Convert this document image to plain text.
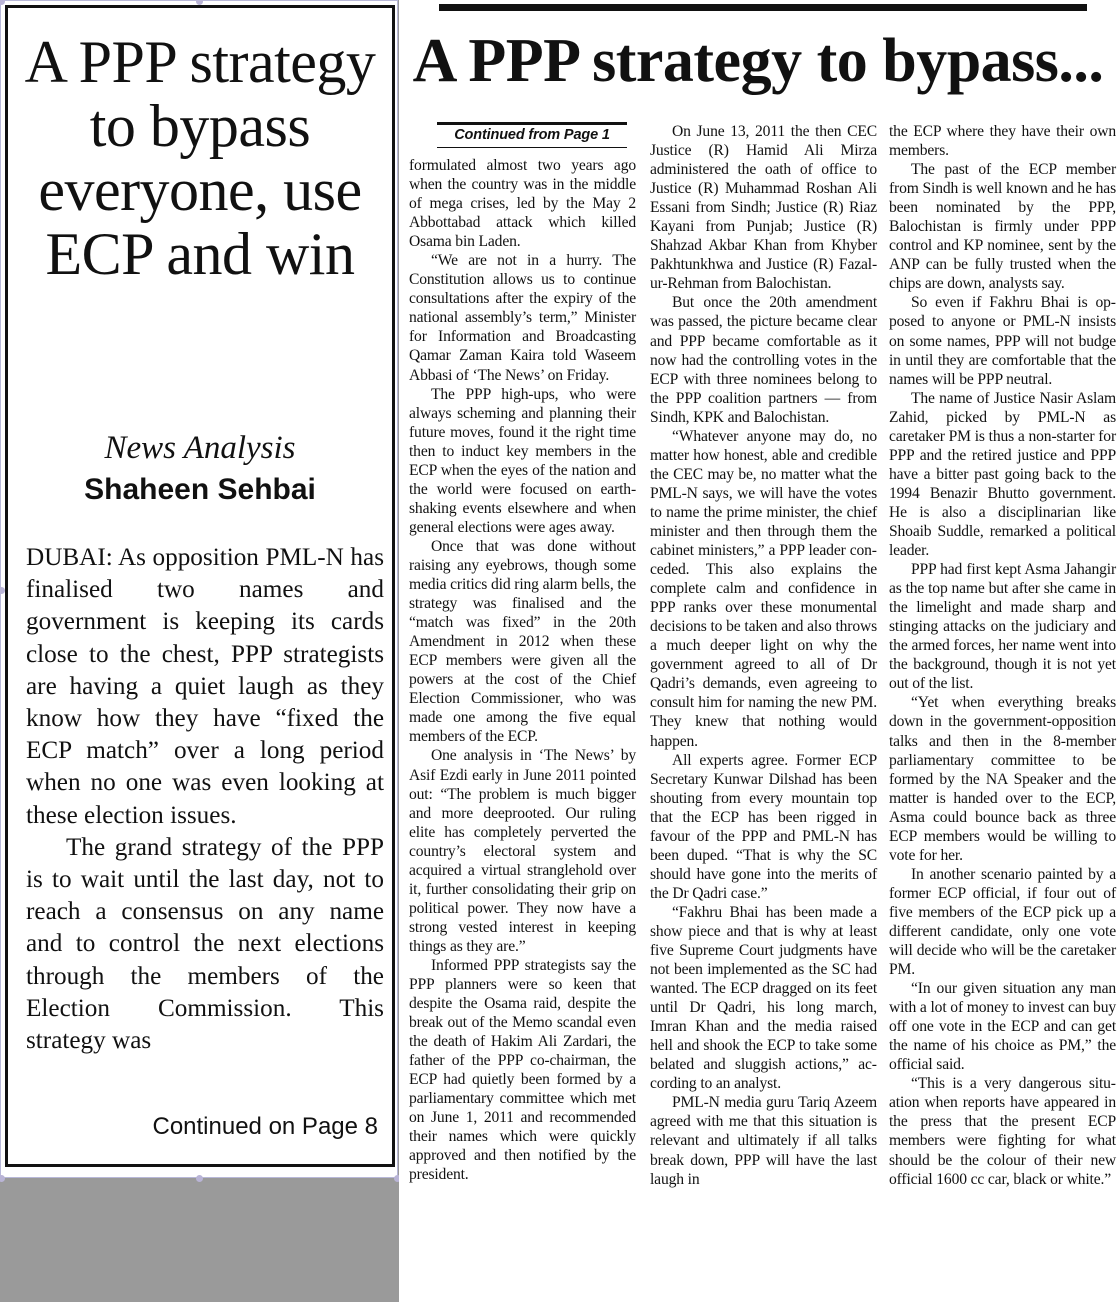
A PPP strategy to bypass everyone, use ECP and win
News Analysis
Shaheen Sehbai

DUBAI: As opposition PML-N has finalised two names and government is keeping its cards close to the chest, PPP strategists are having a quiet laugh as they know how they have “fixed the ECP match” over a long period when no one was even looking at these election issues.

The grand strategy of the PPP is to wait until the last day, not to reach a consensus on any name and to control the next elections through the members of the Election Commission. This strategy was

Continued on Page 8
A PPP strategy to bypass...
Continued from Page 1

formulated almost two years ago when the country was in the middle of mega crises, led by the May 2 Abbottabad attack which killed Osama bin Laden.

“We are not in a hurry. The Constitution allows us to continue consultations after the expiry of the national assembly’s term,” Minister for Information and Broadcasting Qamar Zaman Kaira told Waseem Abbasi of ‘The News’ on Friday.

The PPP high-ups, who were always scheming and planning their future moves, found it the right time then to induct key members in the ECP when the eyes of the nation and the world were focused on earth-shaking events elsewhere and when general elections were ages away.

Once that was done without raising any eyebrows, though some media critics did ring alarm bells, the strategy was finalised and the “match was fixed” in the 20th Amendment in 2012 when these ECP members were given all the powers at the cost of the Chief Election Commissioner, who was made one among the five equal members of the ECP.

One analysis in ‘The News’ by Asif Ezdi early in June 2011 pointed out: “The problem is much bigger and more deeprooted. Our ruling elite has completely perverted the country’s electoral system and acquired a virtual stranglehold over it, further consolidating their grip on political power. They now have a strong vested interest in keeping things as they are.”

Informed PPP strategists say the PPP planners were so keen that despite the Osama raid, despite the break out of the Memo scandal even the death of Hakim Ali Zardari, the father of the PPP co-chairman, the ECP had quietly been formed by a parliamentary committee which met on June 1, 2011 and recommended their names which were quickly approved and then notified by the president.

On June 13, 2011 the then CEC Justice (R) Hamid Ali Mirza administered the oath of office to Justice (R) Muhammad Roshan Ali Essani from Sindh; Justice (R) Riaz Kayani from Punjab; Justice (R) Shahzad Akbar Khan from Khyber Pakhtunkhwa and Justice (R) Fazal-ur-Rehman from Balochistan.

But once the 20th amendment was passed, the picture became clear and PPP became comfortable as it now had the controlling votes in the ECP with three nominees belong to the PPP coalition partners — from Sindh, KPK and Balochistan.

“Whatever anyone may do, no matter how honest, able and credible the CEC may be, no matter what the PML-N says, we will have the votes to name the prime minister, the chief minister and then through them the cabinet ministers,” a PPP leader conceded. This also explains the complete calm and confidence in PPP ranks over these monumental decisions to be taken and also throws a much deeper light on why the government agreed to all of Dr Qadri’s demands, even agreeing to consult him for naming the new PM. They knew that nothing would happen.

All experts agree. Former ECP Secretary Kunwar Dilshad has been shouting from every mountain top that the ECP has been rigged in favour of the PPP and PML-N has been duped. “That is why the SC should have gone into the merits of the Dr Qadri case.”

“Fakhru Bhai has been made a show piece and that is why at least five Supreme Court judgments have not been implemented as the SC had wanted. The ECP dragged on its feet until Dr Qadri, his long march, Imran Khan and the media raised hell and shook the ECP to take some belated and sluggish actions,” according to an analyst.

PML-N media guru Tariq Azeem agreed with me that this situation is relevant and ultimately if all talks break down, PPP will have the last laugh in

the ECP where they have their own members.

The past of the ECP member from Sindh is well known and he has been nominated by the PPP, Balochistan is firmly under PPP control and KP nominee, sent by the ANP can be fully trusted when the chips are down, analysts say.

So even if Fakhru Bhai is opposed to anyone or PML-N insists on some names, PPP will not budge in until they are comfortable that the names will be PPP neutral.

The name of Justice Nasir Aslam Zahid, picked by PML-N as caretaker PM is thus a non-starter for PPP and the retired justice and PPP have a bitter past going back to the 1994 Benazir Bhutto government. He is also a disciplinarian like Shoaib Suddle, remarked a political leader.

PPP had first kept Asma Jahangir as the top name but after she came in the limelight and made sharp and stinging attacks on the judiciary and the armed forces, her name went into the background, though it is not yet out of the list.

“Yet when everything breaks down in the government-opposition talks and then in the 8-member parliamentary committee to be formed by the NA Speaker and the matter is handed over to the ECP, Asma could bounce back as three ECP members would be willing to vote for her.

In another scenario painted by a former ECP official, if four out of five members of the ECP pick up a different candidate, only one vote will decide who will be the caretaker PM.

“In our given situation any man with a lot of money to invest can buy off one vote in the ECP and can get the name of his choice as PM,” the official said.

“This is a very dangerous situation when reports have appeared in the press that the present ECP members were fighting for what should be the colour of their new official 1600 cc car, black or white.”
